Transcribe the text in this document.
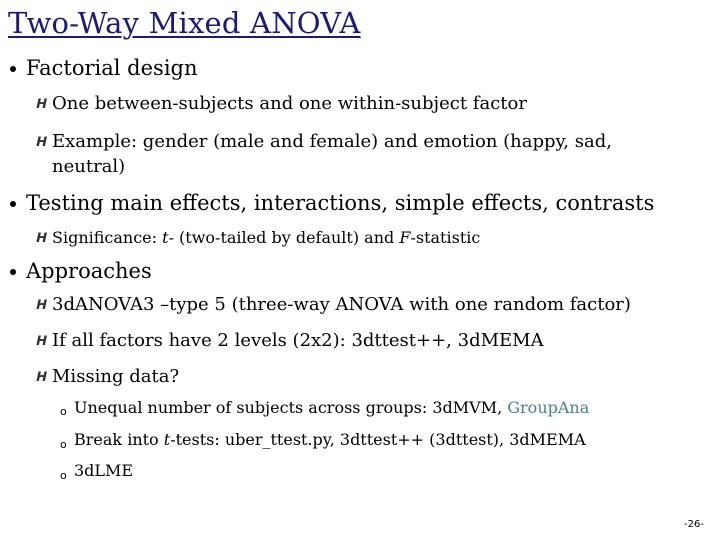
Two-Way Mixed ANOVA
Factorial design
H One between-subjects and one within-subject factor
H Example: gender (male and female) and emotion (happy, sad,
neutral)
Testing main effects, interactions, simple effects, contrasts
H Significance: t- (two-tailed by default) and F-statistic
Approaches
H 3dANOVA3 –type 5 (three-way ANOVA with one random factor)
H If all factors have 2 levels (2x2): 3dttest++, 3dMEMA
H Missing data?
o Unequal number of subjects across groups: 3dMVM, GroupAna
o Break into t-tests: uber_ttest.py, 3dttest++ (3dttest), 3dMEMA
o 3dLME
-26-
